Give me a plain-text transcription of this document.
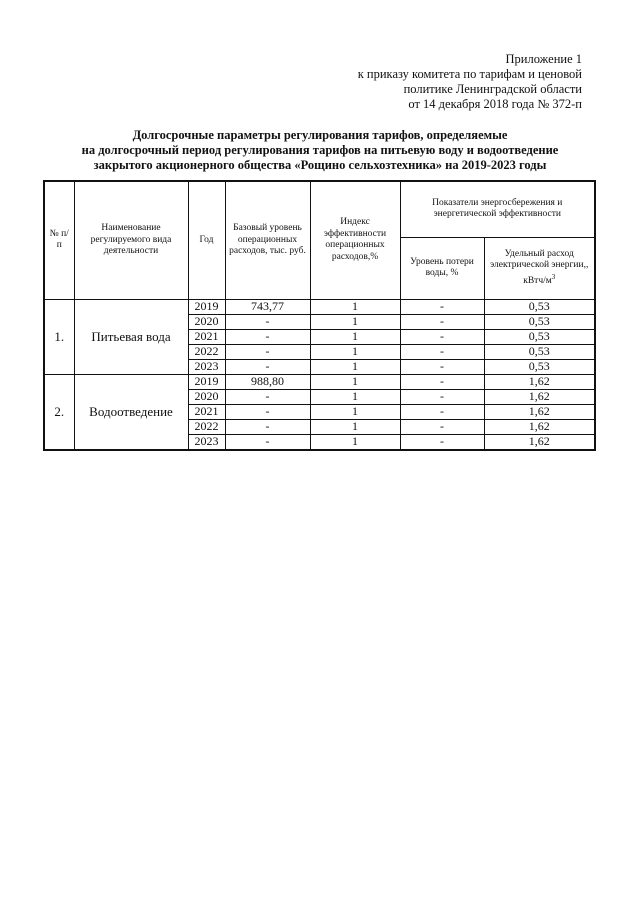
Приложение 1
к приказу комитета по тарифам и ценовой
политике Ленинградской области
от 14 декабря 2018 года № 372-п
Долгосрочные параметры регулирования тарифов, определяемые
на долгосрочный период регулирования тарифов на питьевую воду и водоотведение
закрытого акционерного общества «Рощино сельхозтехника» на 2019-2023 годы
№ п/п	Наименование регулируемого вида деятельности	Год	Базовый уровень операционных расходов, тыс. руб.	Индекс эффективности операционных расходов,%	Показатели энергосбережения и энергетической эффективности	
					Уровень потери воды, %	Удельный расход электрической энергии,, кВтч/$м^3$
1.	Питьевая вода	2019	743,77	1	-	0,53
		2020	-	1	-	0,53
		2021	-	1	-	0,53
		2022	-	1	-	0,53
		2023	-	1	-	0,53
2.	Водоотведение	2019	988,80	1	-	1,62
		2020	-	1	-	1,62
		2021	-	1	-	1,62
		2022	-	1	-	1,62
		2023	-	1	-	1,62
